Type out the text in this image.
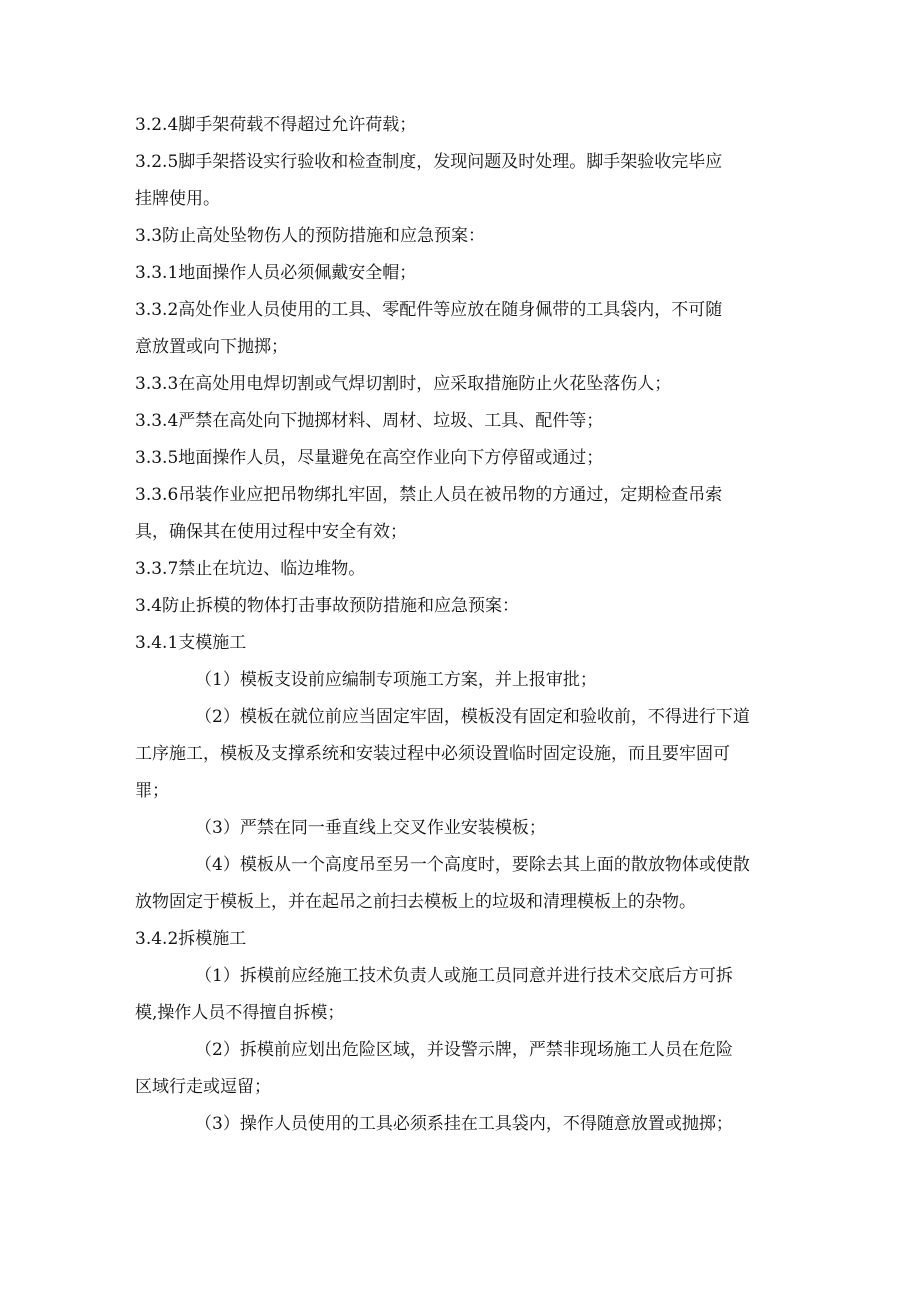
3.2.4脚手架荷载不得超过允许荷载；
3.2.5脚手架搭设实行验收和检查制度，发现问题及时处理。脚手架验收完毕应
挂牌使用。
3.3防止高处坠物伤人的预防措施和应急预案：
3.3.1地面操作人员必须佩戴安全帽；
3.3.2高处作业人员使用的工具、零配件等应放在随身佩带的工具袋内，不可随
意放置或向下抛掷；
3.3.3在高处用电焊切割或气焊切割时，应采取措施防止火花坠落伤人；
3.3.4严禁在高处向下抛掷材料、周材、垃圾、工具、配件等；
3.3.5地面操作人员，尽量避免在高空作业向下方停留或通过；
3.3.6吊装作业应把吊物绑扎牢固，禁止人员在被吊物的方通过，定期检查吊索
具，确保其在使用过程中安全有效；
3.3.7禁止在坑边、临边堆物。
3.4防止拆模的物体打击事故预防措施和应急预案：
3.4.1支模施工
（1）模板支设前应编制专项施工方案，并上报审批；
（2）模板在就位前应当固定牢固，模板没有固定和验收前，不得进行下道
工序施工，模板及支撑系统和安装过程中必须设置临时固定设施，而且要牢固可
罪；
（3）严禁在同一垂直线上交叉作业安装模板；
（4）模板从一个高度吊至另一个高度时，要除去其上面的散放物体或使散
放物固定于模板上，并在起吊之前扫去模板上的垃圾和清理模板上的杂物。
3.4.2拆模施工
（1）拆模前应经施工技术负责人或施工员同意并进行技术交底后方可拆
模,操作人员不得擅自拆模；
（2）拆模前应划出危险区域，并设警示牌，严禁非现场施工人员在危险
区域行走或逗留；
（3）操作人员使用的工具必须系挂在工具袋内，不得随意放置或抛掷；
